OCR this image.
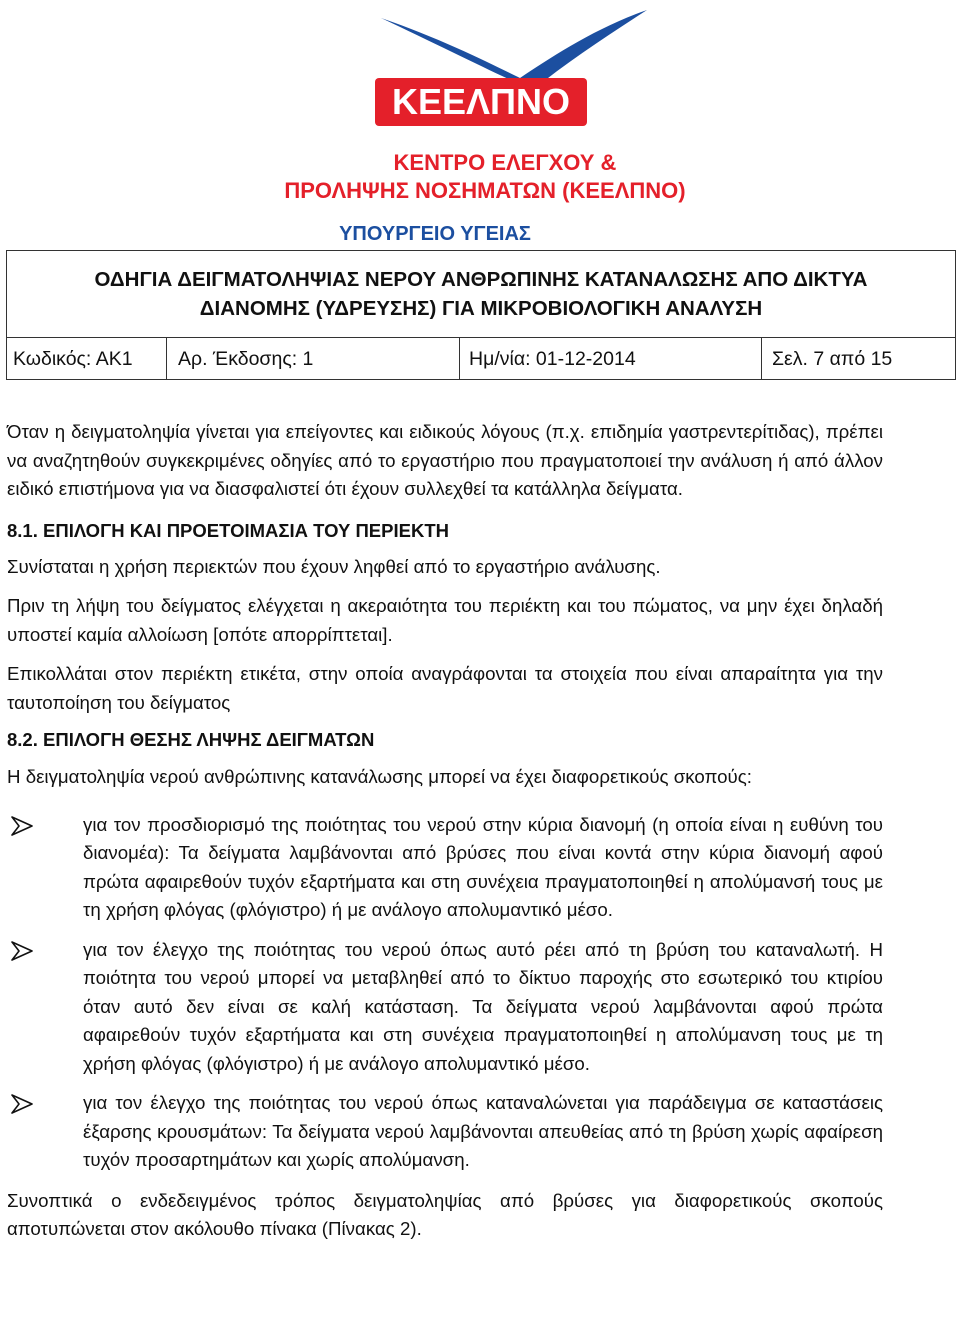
ΚΕΕΛΠΝΟ
ΚΕΝΤΡΟ ΕΛΕΓΧΟΥ &
ΠΡΟΛΗΨΗΣ ΝΟΣΗΜΑΤΩΝ (ΚΕΕΛΠΝΟ)
ΥΠΟΥΡΓΕΙΟ ΥΓΕΙΑΣ
ΟΔΗΓΙΑ ΔΕΙΓΜΑΤΟΛΗΨΙΑΣ ΝΕΡΟΥ ΑΝΘΡΩΠΙΝΗΣ ΚΑΤΑΝΑΛΩΣΗΣ ΑΠΟ ΔΙΚΤΥΑ
ΔΙΑΝΟΜΗΣ (ΥΔΡΕΥΣΗΣ) ΓΙΑ ΜΙΚΡΟΒΙΟΛΟΓΙΚΗ ΑΝΑΛΥΣΗ
Κωδικός: ΑΚ1 Αρ. Έκδοσης: 1	Ημ/νία: 01-12-2014	Σελ. 7 από 15

Όταν η δειγματοληψία γίνεται για επείγοντες και ειδικούς λόγους (π.χ. επιδημία γαστρεντερίτιδας), πρέπει να αναζητηθούν συγκεκριμένες οδηγίες από το εργαστήριο που πραγματοποιεί την ανάλυση ή από άλλον ειδικό επιστήμονα για να διασφαλιστεί ότι έχουν συλλεχθεί τα κατάλληλα δείγματα.

8.1. ΕΠΙΛΟΓΗ ΚΑΙ ΠΡΟΕΤΟΙΜΑΣΙΑ ΤΟΥ ΠΕΡΙΕΚΤΗ

Συνίσταται η χρήση περιεκτών που έχουν ληφθεί από το εργαστήριο ανάλυσης.

Πριν τη λήψη του δείγματος ελέγχεται η ακεραιότητα του περιέκτη και του πώματος, να μην έχει δηλαδή υποστεί καμία αλλοίωση [οπότε απορρίπτεται].

Επικολλάται στον περιέκτη ετικέτα, στην οποία αναγράφονται τα στοιχεία που είναι απαραίτητα για την ταυτοποίηση του δείγματος

8.2. ΕΠΙΛΟΓΗ ΘΕΣΗΣ ΛΗΨΗΣ ΔΕΙΓΜΑΤΩΝ

Η δειγματοληψία νερού ανθρώπινης κατανάλωσης μπορεί να έχει διαφορετικούς σκοπούς:

για τον προσδιορισμό της ποιότητας του νερού στην κύρια διανομή (η οποία είναι η ευθύνη του διανομέα): Τα δείγματα λαμβάνονται από βρύσες που είναι κοντά στην κύρια διανομή αφού πρώτα αφαιρεθούν τυχόν εξαρτήματα και στη συνέχεια πραγματοποιηθεί η απολύμανσή τους με τη χρήση φλόγας (φλόγιστρο) ή με ανάλογο απολυμαντικό μέσο.

για τον έλεγχο της ποιότητας του νερού όπως αυτό ρέει από τη βρύση του καταναλωτή. Η ποιότητα του νερού μπορεί να μεταβληθεί από το δίκτυο παροχής στο εσωτερικό του κτιρίου όταν αυτό δεν είναι σε καλή κατάσταση. Τα δείγματα νερού λαμβάνονται αφού πρώτα αφαιρεθούν τυχόν εξαρτήματα και στη συνέχεια πραγματοποιηθεί η απολύμανση τους με τη χρήση φλόγας (φλόγιστρο) ή με ανάλογο απολυμαντικό μέσο.

για τον έλεγχο της ποιότητας του νερού όπως καταναλώνεται για παράδειγμα σε καταστάσεις έξαρσης κρουσμάτων: Τα δείγματα νερού λαμβάνονται απευθείας από τη βρύση χωρίς αφαίρεση τυχόν προσαρτημάτων και χωρίς απολύμανση.

Συνοπτικά ο ενδεδειγμένος τρόπος δειγματοληψίας από βρύσες για διαφορετικούς σκοπούς αποτυπώνεται στον ακόλουθο πίνακα (Πίνακας 2).
